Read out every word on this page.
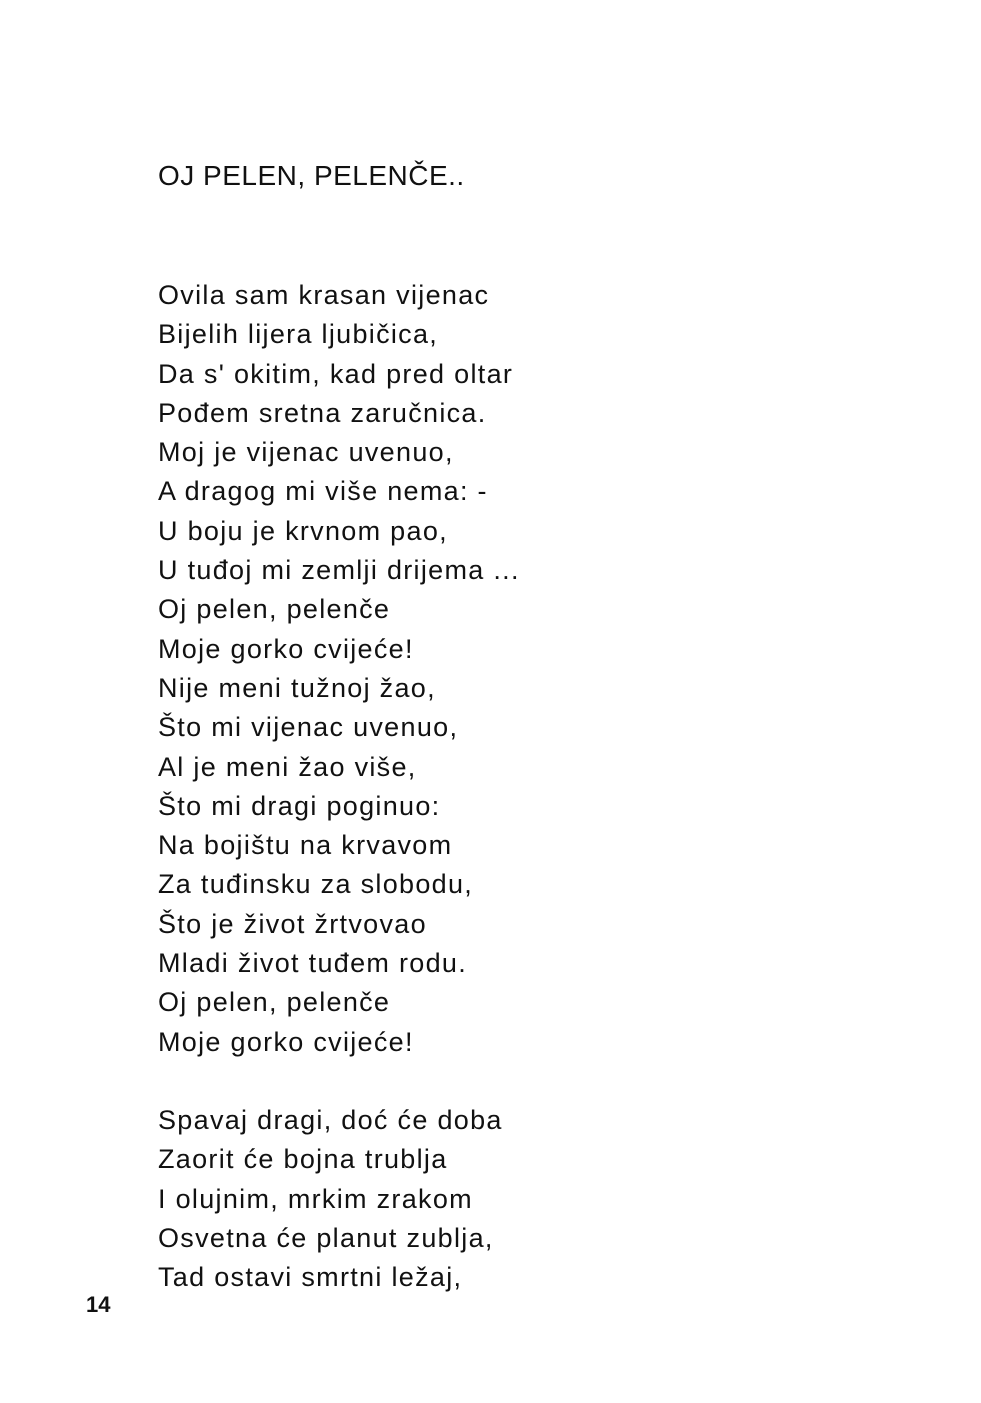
OJ PELEN, PELENČE..
Ovila sam krasan vijenac
Bijelih lijera ljubičica,
Da s' okitim, kad pred oltar
Pođem sretna zaručnica.
Moj je vijenac uvenuo,
A dragog mi više nema: -
U boju je krvnom pao,
U tuđoj mi zemlji drijema ...
Oj pelen, pelenče
Moje gorko cvijeće!
Nije meni tužnoj žao,
Što mi vijenac uvenuo,
Al je meni žao više,
Što mi dragi poginuo:
Na bojištu na krvavom
Za tuđinsku za slobodu,
Što je život žrtvovao
Mladi život tuđem rodu.
Oj pelen, pelenče
Moje gorko cvijeće!
Spavaj dragi, doć će doba
Zaorit će bojna trublja
I olujnim, mrkim zrakom
Osvetna će planut zublja,
Tad ostavi smrtni ležaj,
14
